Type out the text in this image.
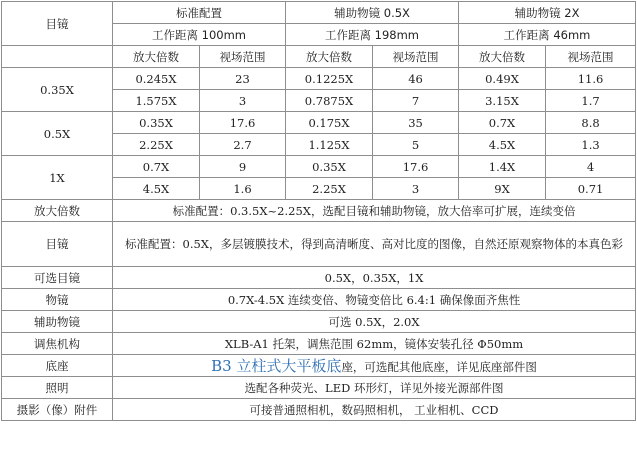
目镜	标准配置		辅助物镜 0.5X		辅助物镜 2X	
	工作距离 100mm		工作距离 198mm		工作距离 46mm	
	放大倍数	视场范围	放大倍数	视场范围	放大倍数	视场范围
0.35X	0.245X	23	0.1225X	46	0.49X	11.6
	1.575X	3	0.7875X	7	3.15X	1.7
0.5X	0.35X	17.6	0.175X	35	0.7X	8.8
	2.25X	2.7	1.125X	5	4.5X	1.3
1X	0.7X	9	0.35X	17.6	1.4X	4
	4.5X	1.6	2.25X	3	9X	0.71
放大倍数	标准配置：0.3.5X~2.25X，选配目镜和辅助物镜，放大倍率可扩展，连续变倍					
目镜	标准配置：0.5X，多层镀膜技术，得到高清晰度、高对比度的图像，自然还原观察物体的本真色彩					
可选目镜	0.5X，0.35X，1X					
物镜	0.7X-4.5X 连续变倍、物镜变倍比 6.4:1 确保像面齐焦性					
辅助物镜	可选 0.5X，2.0X					
调焦机构	XLB-A1 托架，调焦范围 62mm，镜体安装孔径 Φ50mm					
底座	B3 立柱式大平板底座，可选配其他底座，详见底座部件图					
照明	选配各种荧光、LED 环形灯，详见外接光源部件图					
摄影（像）附件	可接普通照相机，数码照相机， 工业相机、CCD					
